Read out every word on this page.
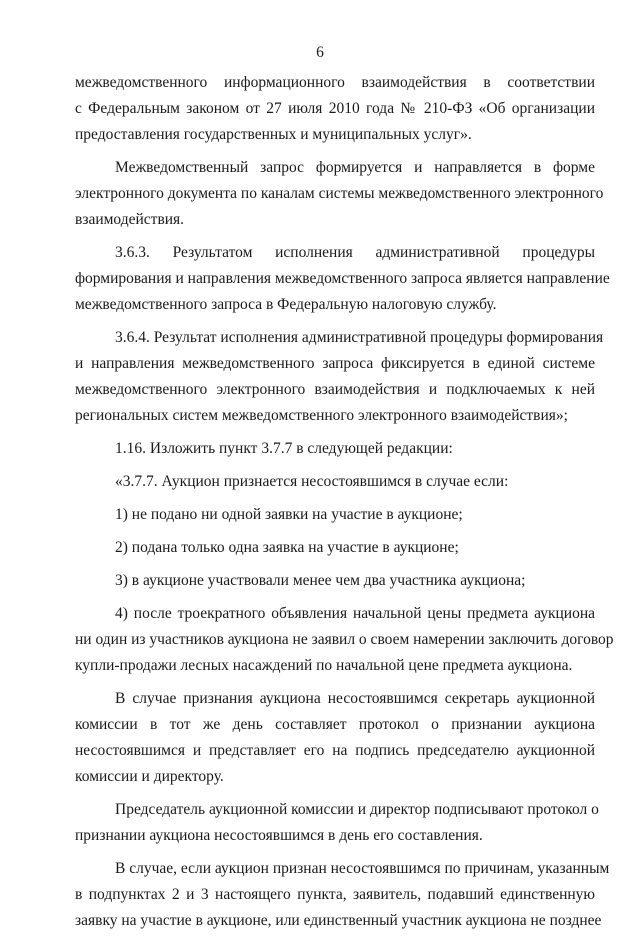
6
межведомственного информационного взаимодействия в соответствии
с Федеральным законом от 27 июля 2010 года № 210-ФЗ «Об организации
предоставления государственных и муниципальных услуг».
Межведомственный запрос формируется и направляется в форме
электронного документа по каналам системы межведомственного электронного
взаимодействия.
3.6.3. Результатом исполнения административной процедуры
формирования и направления межведомственного запроса является направление
межведомственного запроса в Федеральную налоговую службу.
3.6.4. Результат исполнения административной процедуры формирования
и направления межведомственного запроса фиксируется в единой системе
межведомственного электронного взаимодействия и подключаемых к ней
региональных систем межведомственного электронного взаимодействия»;
1.16. Изложить пункт 3.7.7 в следующей редакции:
«3.7.7. Аукцион признается несостоявшимся в случае если:
1) не подано ни одной заявки на участие в аукционе;
2) подана только одна заявка на участие в аукционе;
3) в аукционе участвовали менее чем два участника аукциона;
4) после троекратного объявления начальной цены предмета аукциона
ни один из участников аукциона не заявил о своем намерении заключить договор
купли-продажи лесных насаждений по начальной цене предмета аукциона.
В случае признания аукциона несостоявшимся секретарь аукционной
комиссии в тот же день составляет протокол о признании аукциона
несостоявшимся и представляет его на подпись председателю аукционной
комиссии и директору.
Председатель аукционной комиссии и директор подписывают протокол о
признании аукциона несостоявшимся в день его составления.
В случае, если аукцион признан несостоявшимся по причинам, указанным
в подпунктах 2 и 3 настоящего пункта, заявитель, подавший единственную
заявку на участие в аукционе, или единственный участник аукциона не позднее
